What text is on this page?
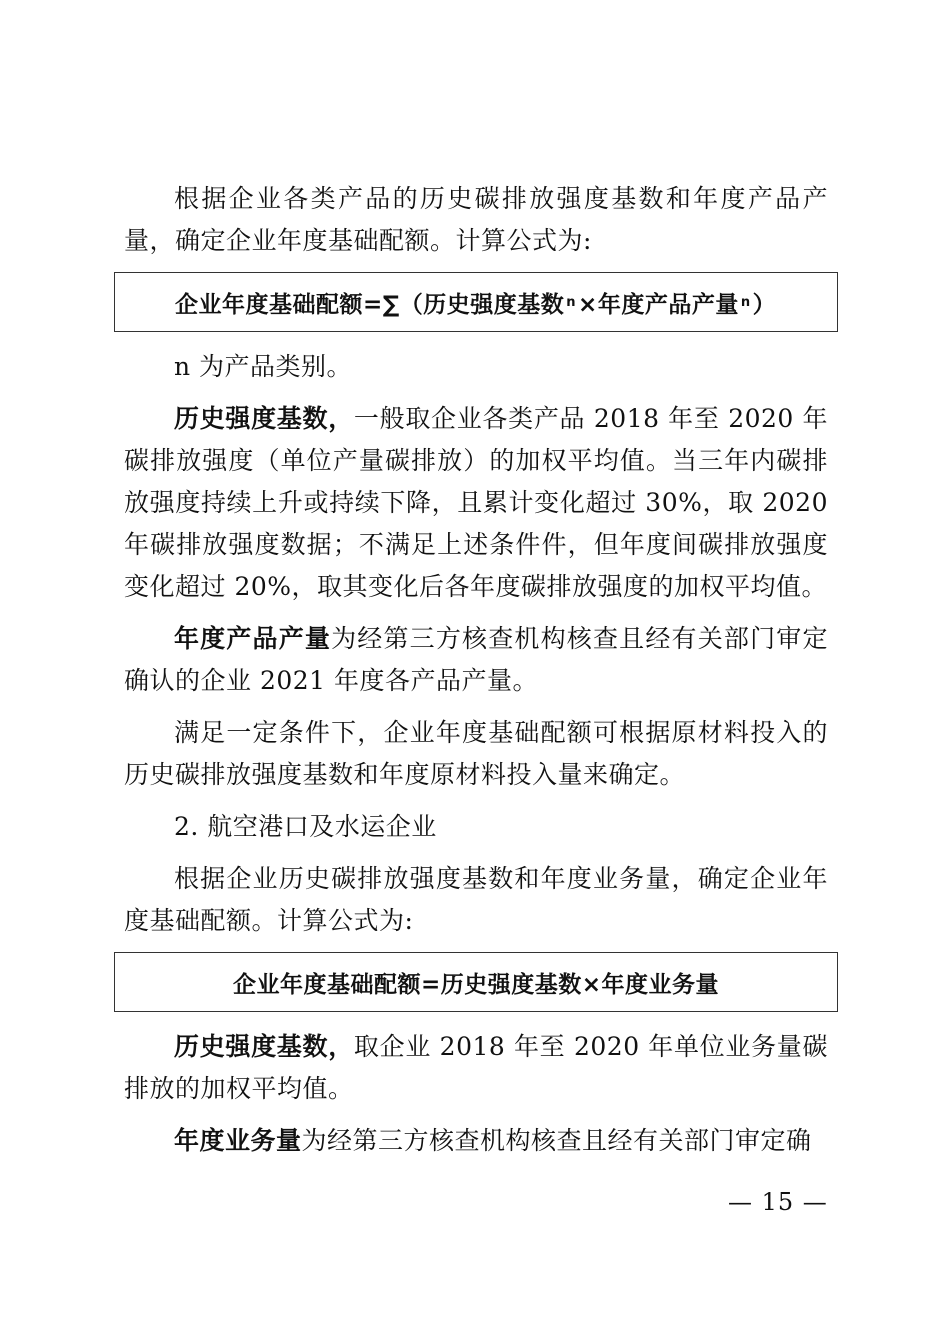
根据企业各类产品的历史碳排放强度基数和年度产品产量，确定企业年度基础配额。计算公式为:

企业年度基础配额=∑（历史强度基数 n ×年度产品产量 n ）

n 为产品类别。

历史强度基数，一般取企业各类产品 2018 年至 2020 年碳排放强度（单位产量碳排放）的加权平均值。当三年内碳排放强度持续上升或持续下降，且累计变化超过 30%，取 2020 年碳排放强度数据；不满足上述条件件，但年度间碳排放强度变化超过 20%，取其变化后各年度碳排放强度的加权平均值。

年度产品产量为经第三方核查机构核查且经有关部门审定确认的企业 2021 年度各产品产量。

满足一定条件下，企业年度基础配额可根据原材料投入的历史碳排放强度基数和年度原材料投入量来确定。

2. 航空港口及水运企业

根据企业历史碳排放强度基数和年度业务量，确定企业年度基础配额。计算公式为:

企业年度基础配额=历史强度基数×年度业务量

历史强度基数，取企业 2018 年至 2020 年单位业务量碳排放的加权平均值。

年度业务量为经第三方核查机构核查且经有关部门审定确

— 15 —
